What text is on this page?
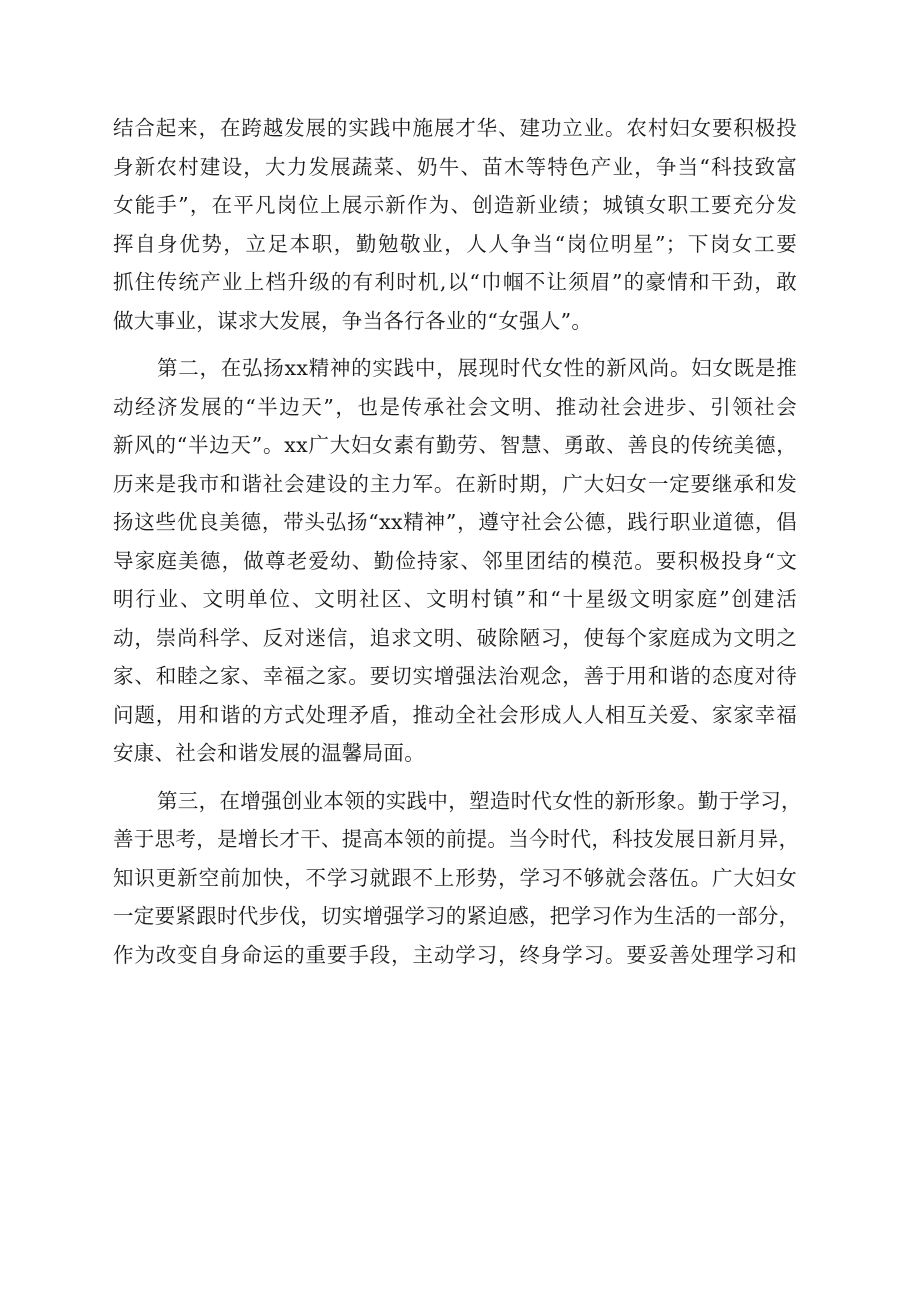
结合起来，在跨越发展的实践中施展才华、建功立业。农村妇女要积极投
身新农村建设，大力发展蔬菜、奶牛、苗木等特色产业，争当“科技致富
女能手”，在平凡岗位上展示新作为、创造新业绩；城镇女职工要充分发
挥自身优势，立足本职，勤勉敬业，人人争当“岗位明星”；下岗女工要
抓住传统产业上档升级的有利时机,以“巾帼不让须眉”的豪情和干劲，敢
做大事业，谋求大发展，争当各行各业的“女强人”。
第二，在弘扬xx精神的实践中，展现时代女性的新风尚。妇女既是推
动经济发展的“半边天”，也是传承社会文明、推动社会进步、引领社会
新风的“半边天”。xx广大妇女素有勤劳、智慧、勇敢、善良的传统美德，
历来是我市和谐社会建设的主力军。在新时期，广大妇女一定要继承和发
扬这些优良美德，带头弘扬“xx精神”，遵守社会公德，践行职业道德，倡
导家庭美德，做尊老爱幼、勤俭持家、邻里团结的模范。要积极投身“文
明行业、文明单位、文明社区、文明村镇”和“十星级文明家庭”创建活
动，崇尚科学、反对迷信，追求文明、破除陋习，使每个家庭成为文明之
家、和睦之家、幸福之家。要切实增强法治观念，善于用和谐的态度对待
问题，用和谐的方式处理矛盾，推动全社会形成人人相互关爱、家家幸福
安康、社会和谐发展的温馨局面。
第三，在增强创业本领的实践中，塑造时代女性的新形象。勤于学习，
善于思考，是增长才干、提高本领的前提。当今时代，科技发展日新月异，
知识更新空前加快，不学习就跟不上形势，学习不够就会落伍。广大妇女
一定要紧跟时代步伐，切实增强学习的紧迫感，把学习作为生活的一部分，
作为改变自身命运的重要手段，主动学习，终身学习。要妥善处理学习和
